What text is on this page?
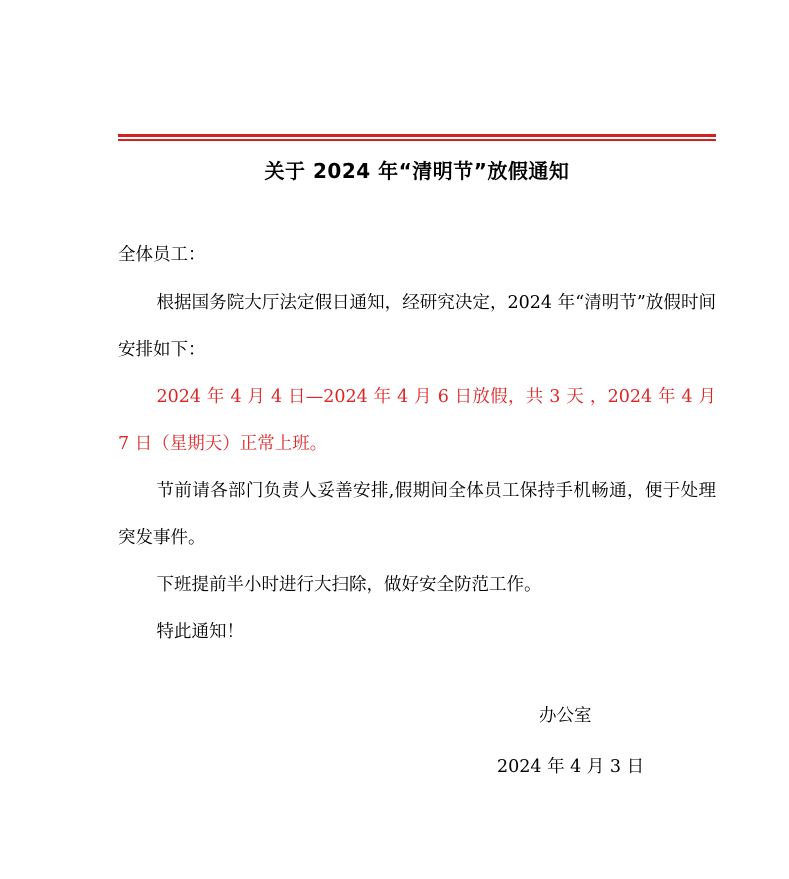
关于 2024 年“清明节”放假通知
全体员工：
根据国务院大厅法定假日通知，经研究决定，2024 年“清明节”放假时间安排如下：
2024 年 4 月 4 日—2024 年 4 月 6 日放假，共 3 天 ，2024 年 4 月 7 日（星期天）正常上班。
节前请各部门负责人妥善安排,假期间全体员工保持手机畅通，便于处理突发事件。
下班提前半小时进行大扫除，做好安全防范工作。
特此通知！
办公室
2024 年 4 月 3 日
